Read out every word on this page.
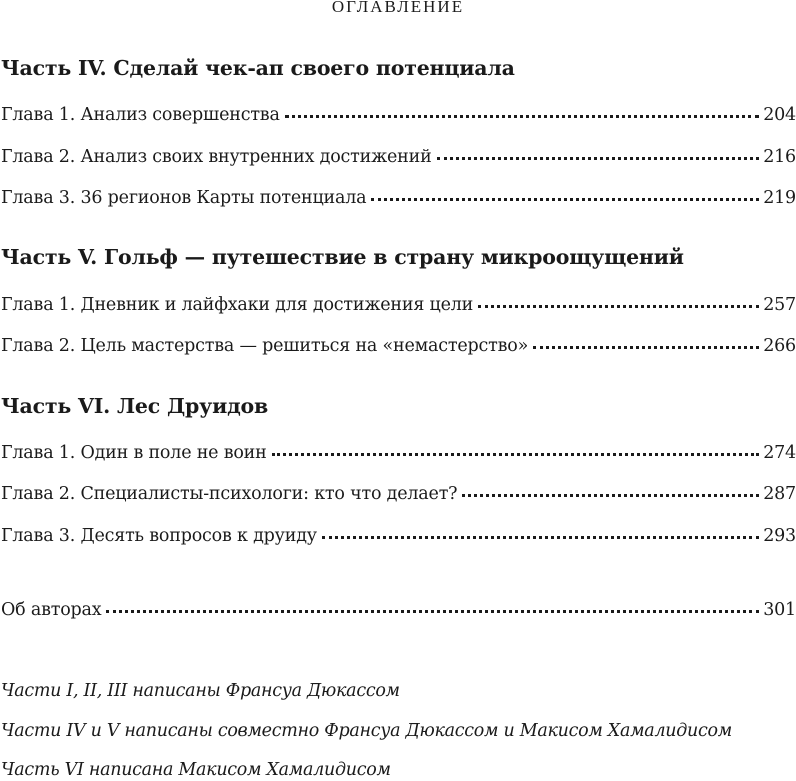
ОГЛАВЛЕНИЕ
Часть IV. Сделай чек-ап своего потенциала
Глава 1. Анализ совершенства	204
Глава 2. Анализ своих внутренних достижений	216
Глава 3. 36 регионов Карты потенциала	219
Часть V. Гольф — путешествие в страну микроощущений
Глава 1. Дневник и лайфхаки для достижения цели	257
Глава 2. Цель мастерства — решиться на «немастерство»	266
Часть VI. Лес Друидов
Глава 1. Один в поле не воин	274
Глава 2. Специалисты-психологи: кто что делает?	287
Глава 3. Десять вопросов к друиду	293
Об авторах	301
Части I, II, III написаны Франсуа Дюкассом
Части IV и V написаны совместно Франсуа Дюкассом и Макисом Хамалидисом
Часть VI написана Макисом Хамалидисом
